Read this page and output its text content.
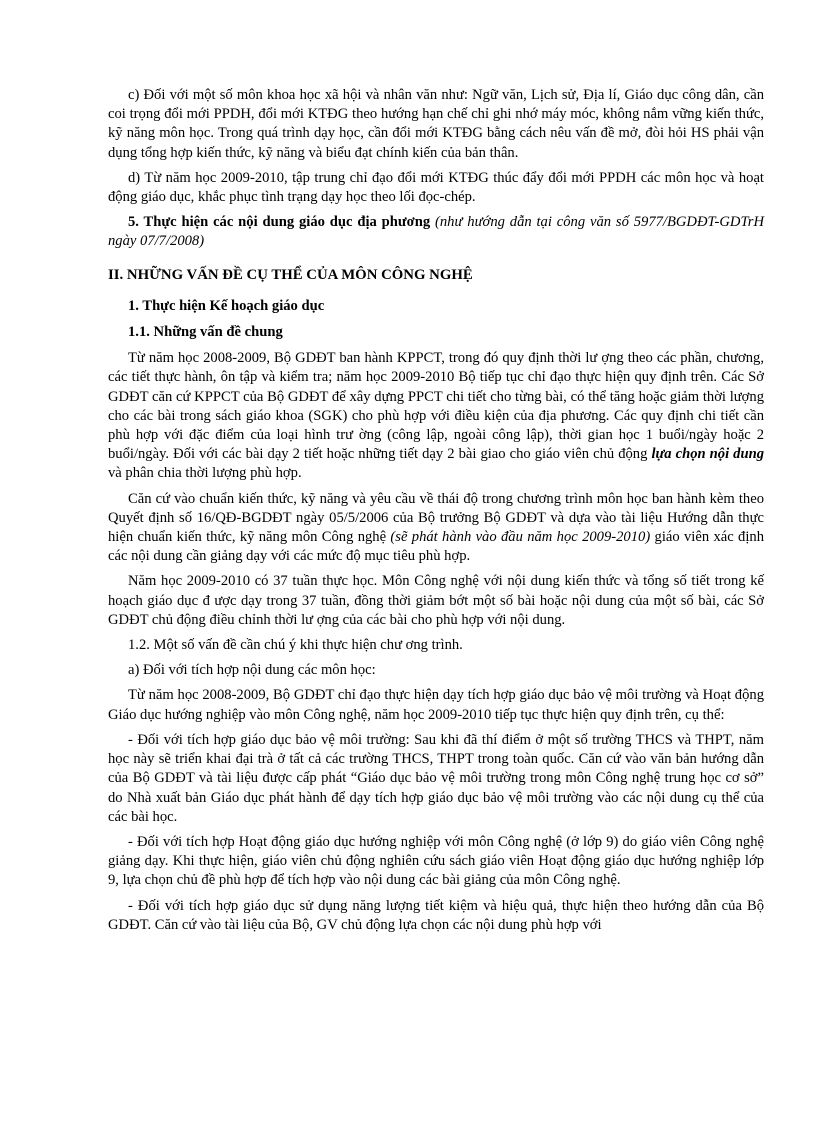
c) Đối với một số môn khoa học xã hội và nhân văn như: Ngữ văn, Lịch sử, Địa lí, Giáo dục công dân, cần coi trọng đổi mới PPDH, đổi mới KTĐG theo hướng hạn chế chỉ ghi nhớ máy móc, không nắm vững kiến thức, kỹ năng môn học. Trong quá trình dạy học, cần đổi mới KTĐG bằng cách nêu vấn đề mở, đòi hỏi HS phải vận dụng tổng hợp kiến thức, kỹ năng và biểu đạt chính kiến của bản thân.

d) Từ năm học 2009-2010, tập trung chỉ đạo đổi mới KTĐG thúc đẩy đổi mới PPDH các môn học và hoạt động giáo dục, khắc phục tình trạng dạy học theo lối đọc-chép.

5. Thực hiện các nội dung giáo dục địa phương (như hướng dẫn tại công văn số 5977/BGDĐT-GDTrH ngày 07/7/2008)

II. NHỮNG VẤN ĐỀ CỤ THỂ CỦA MÔN CÔNG NGHỆ

1. Thực hiện Kế hoạch giáo dục

1.1. Những vấn đề chung

Từ năm học 2008-2009, Bộ GDĐT ban hành KPPCT, trong đó quy định thời lư ợng theo các phần, chương, các tiết thực hành, ôn tập và kiểm tra; năm học 2009-2010 Bộ tiếp tục chỉ đạo thực hiện quy định trên. Các Sở GDĐT căn cứ KPPCT của Bộ GDĐT để xây dựng PPCT chi tiết cho từng bài, có thể tăng hoặc giảm thời lượng cho các bài trong sách giáo khoa (SGK) cho phù hợp với điều kiện của địa phương. Các quy định chi tiết cần phù hợp với đặc điểm của loại hình trư ờng (công lập, ngoài công lập), thời gian học 1 buổi/ngày hoặc 2 buổi/ngày. Đối với các bài dạy 2 tiết hoặc những tiết dạy 2 bài giao cho giáo viên chủ động lựa chọn nội dung và phân chia thời lượng phù hợp.

Căn cứ vào chuẩn kiến thức, kỹ năng và yêu cầu về thái độ trong chương trình môn học ban hành kèm theo Quyết định số 16/QĐ-BGDĐT ngày 05/5/2006 của Bộ trưởng Bộ GDĐT và dựa vào tài liệu Hướng dẫn thực hiện chuẩn kiến thức, kỹ năng môn Công nghệ (sẽ phát hành vào đầu năm học 2009-2010) giáo viên xác định các nội dung cần giảng dạy với các mức độ mục tiêu phù hợp.

Năm học 2009-2010 có 37 tuần thực học. Môn Công nghệ với nội dung kiến thức và tổng số tiết trong kế hoạch giáo dục đ ược dạy trong 37 tuần, đồng thời giảm bớt một số bài hoặc nội dung của một số bài, các Sở GDĐT chủ động điều chỉnh thời lư ợng của các bài cho phù hợp với nội dung.

1.2. Một số vấn đề cần chú ý khi thực hiện chư ơng trình.

a) Đối với tích hợp nội dung các môn học:

Từ năm học 2008-2009, Bộ GDĐT chỉ đạo thực hiện dạy tích hợp giáo dục bảo vệ môi trường và Hoạt động Giáo dục hướng nghiệp vào môn Công nghệ, năm học 2009-2010 tiếp tục thực hiện quy định trên, cụ thể:

- Đối với tích hợp giáo dục bảo vệ môi trường: Sau khi đã thí điểm ở một số trường THCS và THPT, năm học này sẽ triển khai đại trà ở tất cả các trường THCS, THPT trong toàn quốc. Căn cứ vào văn bản hướng dẫn của Bộ GDĐT và tài liệu được cấp phát “Giáo dục bảo vệ môi trường trong môn Công nghệ trung học cơ sở” do Nhà xuất bản Giáo dục phát hành để dạy tích hợp giáo dục bảo vệ môi trường vào các nội dung cụ thể của các bài học.

- Đối với tích hợp Hoạt động giáo dục hướng nghiệp với môn Công nghệ (ở lớp 9) do giáo viên Công nghệ giảng dạy. Khi thực hiện, giáo viên chủ động nghiên cứu sách giáo viên Hoạt động giáo dục hướng nghiệp lớp 9, lựa chọn chủ đề phù hợp để tích hợp vào nội dung các bài giảng của môn Công nghệ.

- Đối với tích hợp giáo dục sử dụng năng lượng tiết kiệm và hiệu quả, thực hiện theo hướng dẫn của Bộ GDĐT. Căn cứ vào tài liệu của Bộ, GV chủ động lựa chọn các nội dung phù hợp với
